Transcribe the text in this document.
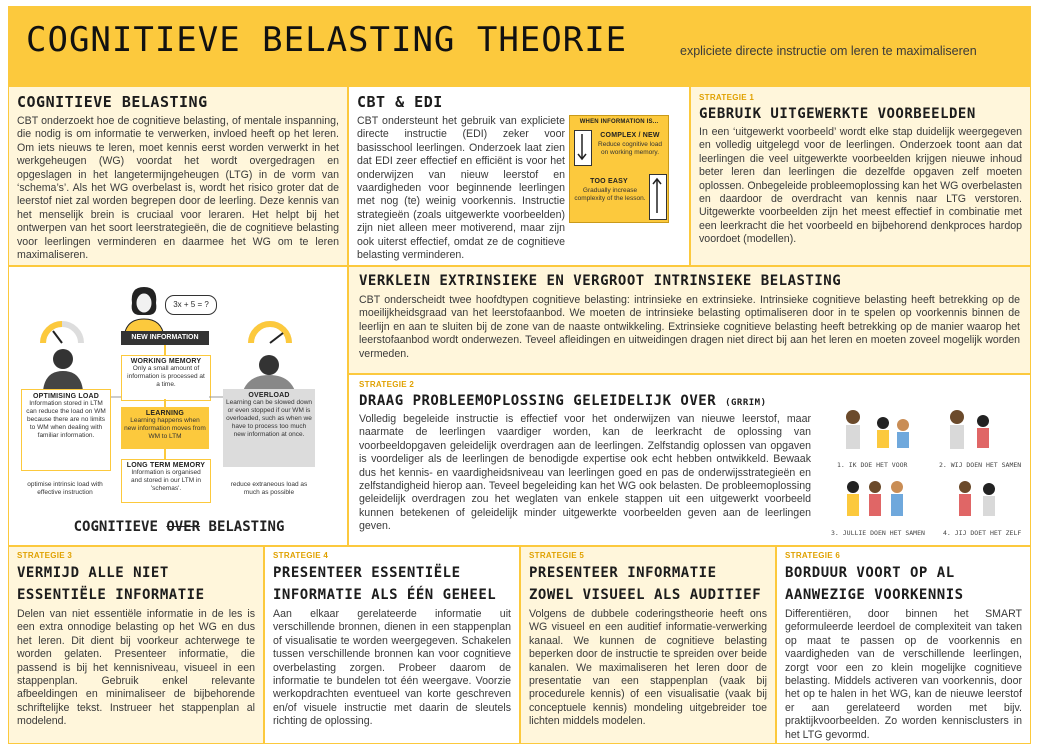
COGNITIEVE BELASTING THEORIE	expliciete directe instructie om leren te maximaliseren
COGNITIEVE BELASTING

CBT onderzoekt hoe de cognitieve belasting, of mentale inspanning, die nodig is om informatie te verwerken, invloed heeft op het leren. Om iets nieuws te leren, moet kennis eerst worden verwerkt in het werkgeheugen (WG) voordat het wordt overgedragen en opgeslagen in het langetermijngeheugen (LTG) in de vorm van ‘schema’s’. Als het WG overbelast is, wordt het risico groter dat de leerstof niet zal worden begrepen door de leerling. Deze kennis van het menselijk brein is cruciaal voor leraren. Het helpt bij het ontwerpen van het soort leerstrategieën, die de cognitieve belasting voor leerlingen verminderen en daarmee het WG om te leren maximaliseren.

CBT & EDI

CBT ondersteunt het gebruik van expliciete directe instructie (EDI) zeker voor basisschool leerlingen. Onderzoek laat zien dat EDI zeer effectief en efficiënt is voor het onderwijzen van nieuw leerstof en vaardigheden voor beginnende leerlingen met nog (te) weinig voorkennis. Instructie strategieën (zoals uitgewerkte voorbeelden) zijn niet alleen meer motiverend, maar zijn ook uiterst effectief, omdat ze de cognitieve belasting verminderen.

WHEN INFORMATION IS...
COMPLEX / NEW
Reduce cognitive load on working memory.
TOO EASY
Gradually increase complexity of the lesson.

STRATEGIE 1

GEBRUIK UITGEWERKTE VOORBEELDEN

In een ‘uitgewerkt voorbeeld’ wordt elke stap duidelijk weergegeven en volledig uitgelegd voor de leerlingen. Onderzoek toont aan dat leerlingen die veel uitgewerkte voorbeelden krijgen nieuwe inhoud beter leren dan leerlingen die dezelfde opgaven zelf moeten oplossen. Onbegeleide probleemoplossing kan het WG overbelasten en daardoor de overdracht van kennis naar LTG verstoren. Uitgewerkte voorbeelden zijn het meest effectief in combinatie met een leerkracht die het voorbeeld en bijbehorend denkproces hardop voordoet (modellen).

3x + 5 = ?
NEW INFORMATION
WORKING MEMORY
Only a small amount of information is processed at a time.
LEARNING
Learning happens when new information moves from WM to LTM
LONG TERM MEMORY
Information is organised and stored in our LTM in 'schemas'.
OPTIMISING LOAD
Information stored in LTM can reduce the load on WM because there are no limits to WM when dealing with familiar information.
optimise intrinsic load with effective instruction
OVERLOAD
Learning can be slowed down or even stopped if our WM is overloaded, such as when we have to process too much new information at once.
reduce extraneous load as much as possible
COGNITIEVE OVER BELASTING
VERKLEIN EXTRINSIEKE EN VERGROOT INTRINSIEKE BELASTING

CBT onderscheidt twee hoofdtypen cognitieve belasting: intrinsieke en extrinsieke. Intrinsieke cognitieve belasting heeft betrekking op de moeilijkheidsgraad van het leerstofaanbod. We moeten de intrinsieke belasting optimaliseren door in te spelen op voorkennis binnen de leerlijn en aan te sluiten bij de zone van de naaste ontwikkeling. Extrinsieke cognitieve belasting heeft betrekking op de manier waarop het leerstofaanbod wordt onderwezen. Teveel afleidingen en uitweidingen dragen niet direct bij aan het leren en moeten zoveel mogelijk worden vermeden.

STRATEGIE 2

DRAAG PROBLEEMOPLOSSING GELEIDELIJK OVER (GRRIM)

Volledig begeleide instructie is effectief voor het onderwijzen van nieuwe leerstof, maar naarmate de leerlingen vaardiger worden, kan de leerkracht de oplossing van voorbeeldopgaven geleidelijk overdragen aan de leerlingen. Zelfstandig oplossen van opgaven is voordeliger als de leerlingen de benodigde expertise ook echt hebben ontwikkeld. Bewaak dus het kennis- en vaardigheidsniveau van leerlingen goed en pas de onderwijsstrategieën en zelfstandigheid hierop aan. Teveel begeleiding kan het WG ook belasten. De probleemoplossing geleidelijk overdragen zou het weglaten van enkele stappen uit een uitgewerkt voorbeeld kunnen betekenen of geleidelijk minder uitgewerkte voorbeelden geven aan de leerlingen geven.

1. IK DOE HET VOOR	2. WIJ DOEN HET SAMEN
3. JULLIE DOEN HET SAMEN	4. JIJ DOET HET ZELF

STRATEGIE 3

VERMIJD ALLE NIET ESSENTIËLE INFORMATIE

Delen van niet essentiële informatie in de les is een extra onnodige belasting op het WG en dus het leren. Dit dient bij voorkeur achterwege te worden gelaten. Presenteer informatie, die passend is bij het kennisniveau, visueel in een stappenplan. Gebruik enkel relevante afbeeldingen en minimaliseer de bijbehorende schriftelijke tekst. Instrueer het stappenplan al modelend.

STRATEGIE 4

PRESENTEER ESSENTIËLE INFORMATIE ALS ÉÉN GEHEEL

Aan elkaar gerelateerde informatie uit verschillende bronnen, dienen in een stappenplan of visualisatie te worden weergegeven. Schakelen tussen verschillende bronnen kan voor cognitieve overbelasting zorgen. Probeer daarom de informatie te bundelen tot één weergave. Voorzie werkopdrachten eventueel van korte geschreven en/of visuele instructie met daarin de sleutels richting de oplossing.

STRATEGIE 5

PRESENTEER INFORMATIE ZOWEL VISUEEL ALS AUDITIEF

Volgens de dubbele coderingstheorie heeft ons WG visueel en een auditief informatie-verwerking kanaal. We kunnen de cognitieve belasting beperken door de instructie te spreiden over beide kanalen. We maximaliseren het leren door de presentatie van een stappenplan (vaak bij procedurele kennis) of een visualisatie (vaak bij conceptuele kennis) mondeling uitgebreider toe lichten middels modelen.

STRATEGIE 6

BORDUUR VOORT OP AL AANWEZIGE VOORKENNIS

Differentiëren, door binnen het SMART geformuleerde leerdoel de complexiteit van taken op maat te passen op de voorkennis en vaardigheden van de verschillende leerlingen, zorgt voor een zo klein mogelijke cognitieve belasting. Middels activeren van voorkennis, door het op te halen in het WG, kan de nieuwe leerstof er aan gerelateerd worden met bijv. praktijkvoorbeelden. Zo worden kennisclusters in het LTG gevormd.
